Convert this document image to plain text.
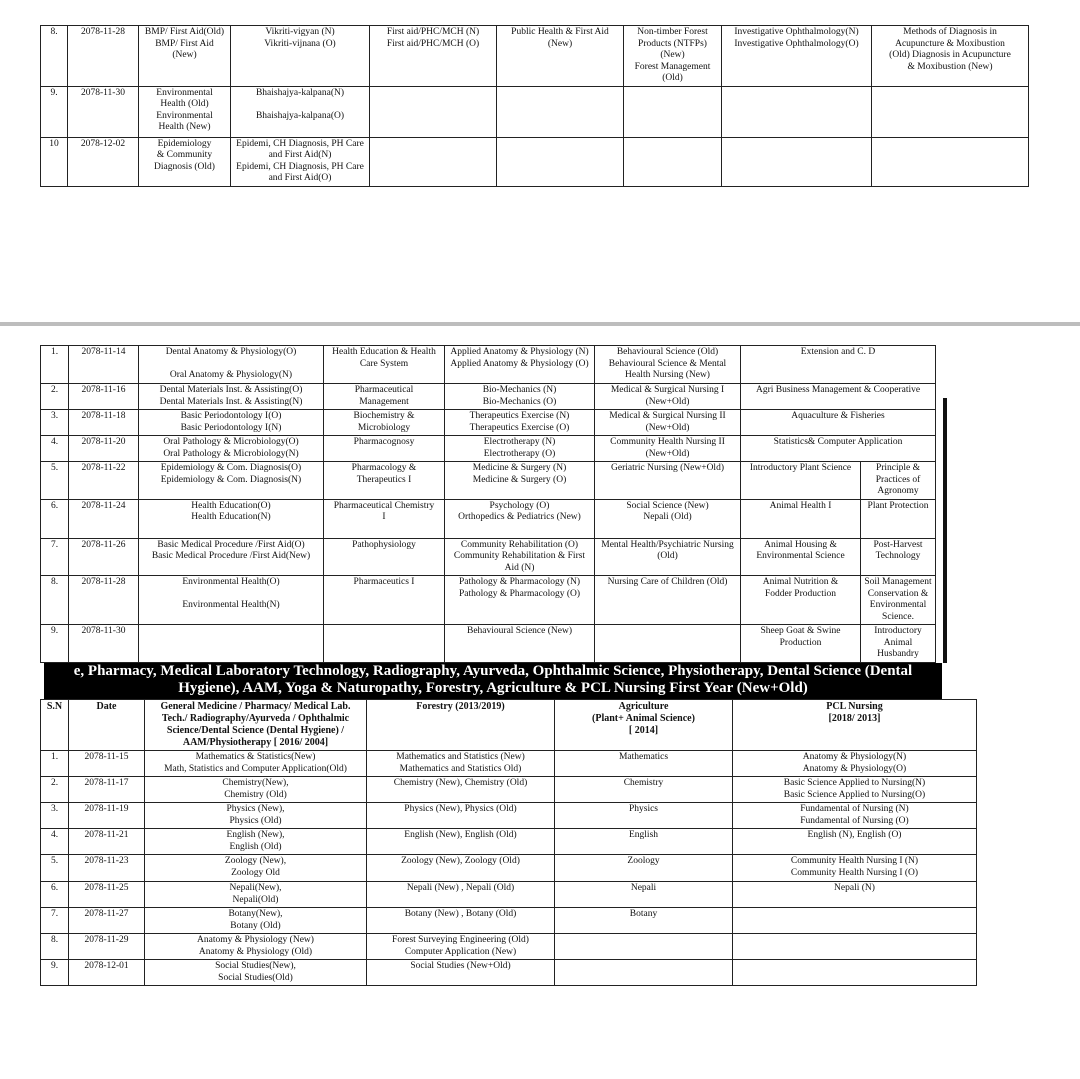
8.	2078-11-28	BMP/ First Aid(Old)
BMP/ First Aid
(New)	Vikriti-vigyan (N)
Vikriti-vijnana (O)	First aid/PHC/MCH (N)
First aid/PHC/MCH (O)	Public Health & First Aid
(New)	Non-timber Forest
Products (NTFPs)
(New)
Forest Management
(Old)	Investigative Ophthalmology(N)
Investigative Ophthalmology(O)	Methods of Diagnosis in
Acupuncture & Moxibustion
(Old) Diagnosis in Acupuncture
& Moxibustion (New)
9.	2078-11-30	Environmental
Health (Old)
Environmental
Health (New)	Bhaishajya-kalpana(N)

Bhaishajya-kalpana(O)					
10	2078-12-02	Epidemiology
& Community
Diagnosis (Old)	Epidemi, CH Diagnosis, PH Care
and First Aid(N)
Epidemi, CH Diagnosis, PH Care
and First Aid(O)					
1.	2078-11-14	Dental Anatomy & Physiology(O)

Oral Anatomy & Physiology(N)	Health Education & Health
Care System	Applied Anatomy & Physiology (N)
Applied Anatomy & Physiology (O)	Behavioural Science (Old)
Behavioural Science & Mental
Health Nursing (New)	Extension and C. D	
2.	2078-11-16	Dental Materials Inst. & Assisting(O)
Dental Materials Inst. & Assisting(N)	Pharmaceutical
Management	Bio-Mechanics (N)
Bio-Mechanics (O)	Medical & Surgical Nursing I
(New+Old)	Agri Business Management & Cooperative	
3.	2078-11-18	Basic Periodontology I(O)
Basic Periodontology I(N)	Biochemistry &
Microbiology	Therapeutics Exercise (N)
Therapeutics Exercise (O)	Medical & Surgical Nursing II
(New+Old)	Aquaculture & Fisheries	
4.	2078-11-20	Oral Pathology & Microbiology(O)
Oral Pathology & Microbiology(N)	Pharmacognosy	Electrotherapy (N)
Electrotherapy (O)	Community Health Nursing II
(New+Old)	Statistics& Computer Application	
5.	2078-11-22	Epidemiology & Com. Diagnosis(O)
Epidemiology & Com. Diagnosis(N)	Pharmacology &
Therapeutics I	Medicine & Surgery (N)
Medicine & Surgery (O)	Geriatric Nursing (New+Old)	Introductory Plant Science	Principle &
Practices of
Agronomy
6.	2078-11-24	Health Education(O)
Health Education(N)	Pharmaceutical Chemistry
I	Psychology (O)
Orthopedics & Pediatrics (New)	Social Science (New)
Nepali (Old)	Animal Health I	Plant Protection
7.	2078-11-26	Basic Medical Procedure /First Aid(O)
Basic Medical Procedure /First Aid(New)	Pathophysiology	Community Rehabilitation (O)
Community Rehabilitation & First
Aid (N)	Mental Health/Psychiatric Nursing
(Old)	Animal Housing &
Environmental Science	Post-Harvest
Technology
8.	2078-11-28	Environmental Health(O)

Environmental Health(N)	Pharmaceutics I	Pathology & Pharmacology (N)
Pathology & Pharmacology (O)	Nursing Care of Children (Old)	Animal Nutrition &
Fodder Production	Soil Management
Conservation &
Environmental
Science.
9.	2078-11-30			Behavioural Science (New)		Sheep Goat & Swine
Production	Introductory
Animal
Husbandry
e, Pharmacy, Medical Laboratory Technology, Radiography, Ayurveda, Ophthalmic Science, Physiotherapy, Dental Science (Dental
Hygiene), AAM, Yoga & Naturopathy, Forestry, Agriculture & PCL Nursing First Year (New+Old)
S.N	Date	General Medicine / Pharmacy/ Medical Lab.
Tech./ Radiography/Ayurveda / Ophthalmic
Science/Dental Science (Dental Hygiene) /
AAM/Physiotherapy [ 2016/ 2004]	Forestry (2013/2019)	Agriculture
(Plant+ Animal Science)
[ 2014]	PCL Nursing
[2018/ 2013]
1.	2078-11-15	Mathematics & Statistics(New)
Math, Statistics and Computer Application(Old)	Mathematics and Statistics (New)
Mathematics and Statistics Old)	Mathematics	Anatomy & Physiology(N)
Anatomy & Physiology(O)
2.	2078-11-17	Chemistry(New),
Chemistry (Old)	Chemistry (New), Chemistry (Old)	Chemistry	Basic Science Applied to Nursing(N)
Basic Science Applied to Nursing(O)
3.	2078-11-19	Physics (New),
Physics (Old)	Physics (New), Physics (Old)	Physics	Fundamental of Nursing (N)
Fundamental of Nursing (O)
4.	2078-11-21	English (New),
English (Old)	English (New), English (Old)	English	English (N), English (O)
5.	2078-11-23	Zoology (New),
Zoology Old	Zoology (New), Zoology (Old)	Zoology	Community Health Nursing I (N)
Community Health Nursing I (O)
6.	2078-11-25	Nepali(New),
Nepali(Old)	Nepali (New) , Nepali (Old)	Nepali	Nepali (N)
7.	2078-11-27	Botany(New),
Botany (Old)	Botany (New) , Botany (Old)	Botany	
8.	2078-11-29	Anatomy & Physiology (New)
Anatomy & Physiology (Old)	Forest Surveying Engineering (Old)
Computer Application (New)		
9.	2078-12-01	Social Studies(New),
Social Studies(Old)	Social Studies (New+Old)		
